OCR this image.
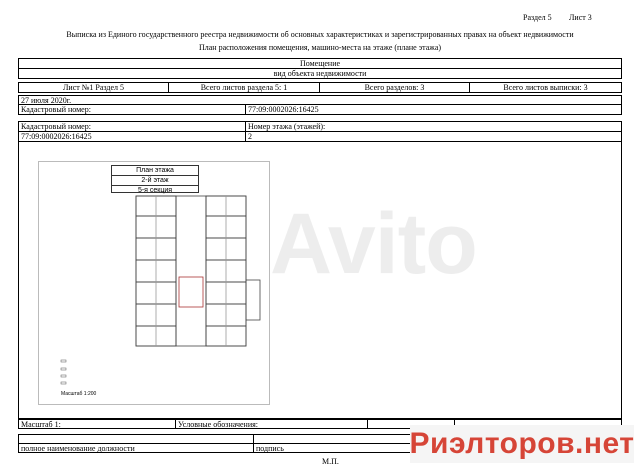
Раздел 5 Лист 3
Выписка из Единого государственного реестра недвижимости об основных характеристиках и зарегистрированных правах на объект недвижимости
План расположения помещения, машино-места на этаже (плане этажа)
Помещение
вид объекта недвижимости
Лист №1 Раздел 5	Всего листов раздела 5: 1	Всего разделов: 3	Всего листов выписки: 3
27 июля 2020г.
Кадастровый номер:	77:09:0002026:16425
Кадастровый номер:	Номер этажа (этажей):
77:09:0002026:16425	2
План этажа
2-й этаж
5-я секция
Масштаб 1:200
Avito
Масштаб 1:	Условные обозначения:
полное наименование должности	подпись
М.П.
Риэлторов.нет
